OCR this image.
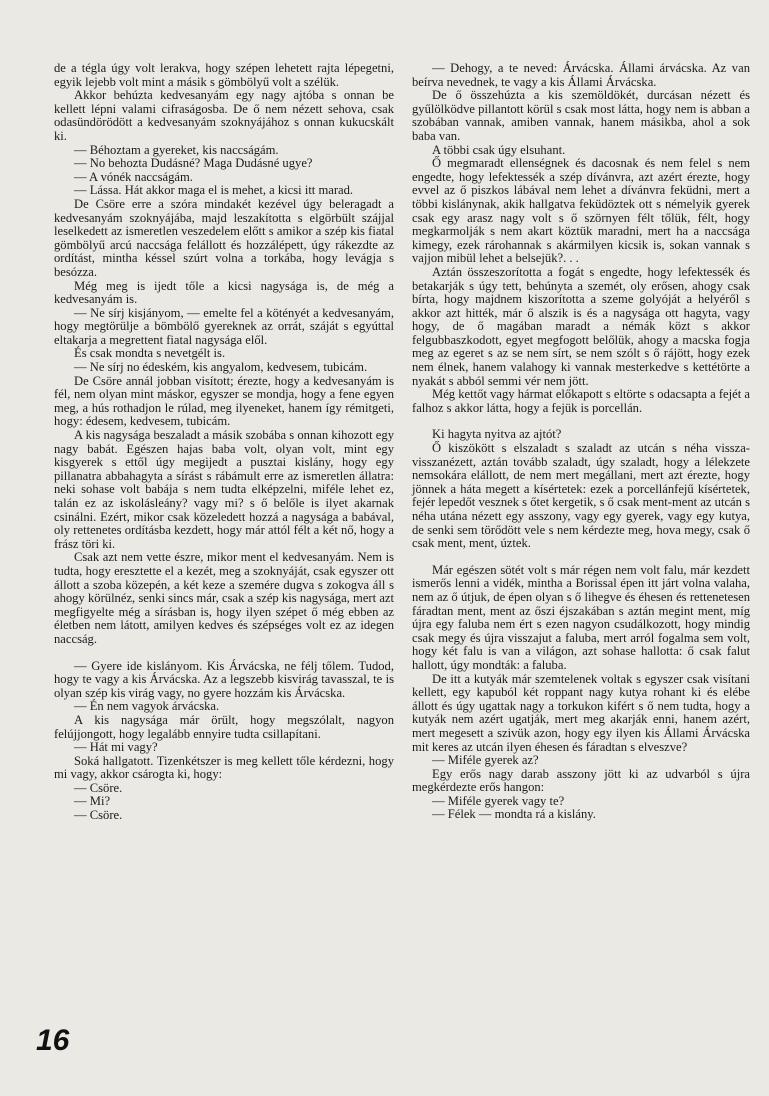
de a tégla úgy volt lerakva, hogy szépen lehetett rajta lépegetni, egyik lejebb volt mint a másik s gömbölyű volt a szélük.

Akkor behúzta kedvesanyám egy nagy ajtóba s onnan be kellett lépni valami cifraságosba. De ő nem nézett sehova, csak odasündörödött a kedvesanyám szoknyájához s onnan kukucskált ki.

— Béhoztam a gyereket, kis naccságám.

— No behozta Dudásné? Maga Dudásné ugye?

— A vónék naccságám.

— Lássa. Hát akkor maga el is mehet, a kicsi itt marad.

De Csöre erre a szóra mindakét kezével úgy beleragadt a kedvesanyám szoknyájába, majd leszakította s elgörbült szájjal leselkedett az ismeretlen veszedelem előtt s amikor a szép kis fiatal gömbölyű arcú naccsága felállott és hozzálépett, úgy rákezdte az ordítást, mintha késsel szúrt volna a torkába, hogy levágja s besózza.

Még meg is ijedt tőle a kicsi nagysága is, de még a kedvesanyám is.

— Ne sírj kisjányom, — emelte fel a kötényét a kedvesanyám, hogy megtörülje a bömbölő gyereknek az orrát, száját s egyúttal eltakarja a megrettent fiatal nagysága elől.

És csak mondta s nevetgélt is.

— Ne sírj no édeském, kis angyalom, kedvesem, tubicám.

De Csöre annál jobban visított; érezte, hogy a kedvesanyám is fél, nem olyan mint máskor, egyszer se mondja, hogy a fene egyen meg, a hús rothadjon le rúlad, meg ilyeneket, hanem így rémitgeti, hogy: édesem, kedvesem, tubicám.

A kis nagysága beszaladt a másik szobába s onnan kihozott egy nagy babát. Egészen hajas baba volt, olyan volt, mint egy kisgyerek s ettől úgy megijedt a pusztai kislány, hogy egy pillanatra abbahagyta a sírást s rábámult erre az ismeretlen állatra: neki sohase volt babája s nem tudta elképzelni, miféle lehet ez, talán ez az iskolásleány? vagy mi? s ő belőle is ilyet akarnak csinálni. Ezért, mikor csak közeledett hozzá a nagysága a babával, oly rettenetes ordításba kezdett, hogy már attól félt a két nő, hogy a frász töri ki.

Csak azt nem vette észre, mikor ment el kedvesanyám. Nem is tudta, hogy eresztette el a kezét, meg a szoknyáját, csak egyszer ott állott a szoba közepén, a két keze a szemére dugva s zokogva áll s ahogy körülnéz, senki sincs már, csak a szép kis nagysága, mert azt megfigyelte még a sírásban is, hogy ilyen szépet ő még ebben az életben nem látott, amilyen kedves és szépséges volt ez az idegen naccság.

— Gyere ide kislányom. Kis Árvácska, ne félj tőlem. Tudod, hogy te vagy a kis Árvácska. Az a legszebb kisvirág tavasszal, te is olyan szép kis virág vagy, no gyere hozzám kis Árvácska.

— Én nem vagyok árvácska.

A kis nagysága már örült, hogy megszólalt, nagyon felújjongott, hogy legalább ennyire tudta csillapítani.

— Hát mi vagy?

Soká hallgatott. Tizenkétszer is meg kellett tőle kérdezni, hogy mi vagy, akkor csárogta ki, hogy:

— Csöre.

— Mi?

— Csöre.

— Dehogy, a te neved: Árvácska. Állami árvácska. Az van beírva nevednek, te vagy a kis Állami Árvácska.

De ő összehúzta a kis szemöldökét, durcásan nézett és gyűlölködve pillantott körül s csak most látta, hogy nem is abban a szobában vannak, amiben vannak, hanem másikba, ahol a sok baba van.

A többi csak úgy elsuhant.

Ő megmaradt ellenségnek és dacosnak és nem felel s nem engedte, hogy lefektessék a szép dívánvra, azt azért érezte, hogy evvel az ő piszkos lábával nem lehet a dívánvra feküdni, mert a többi kislánynak, akik hallgatva feküdöztek ott s némelyik gyerek csak egy arasz nagy volt s ő szörnyen félt tőlük, félt, hogy megkarmolják s nem akart köztük maradni, mert ha a naccsága kimegy, ezek rárohannak s akármilyen kicsik is, sokan vannak s vajjon mibül lehet a belsejük?. . .

Aztán összeszorította a fogát s engedte, hogy lefektessék és betakarják s úgy tett, behúnyta a szemét, oly erősen, ahogy csak bírta, hogy majdnem kiszorította a szeme golyóját a helyéről s akkor azt hitték, már ő alszik is és a nagysága ott hagyta, vagy hogy, de ő magában maradt a némák közt s akkor felgubbaszkodott, egyet megfogott belőlük, ahogy a macska fogja meg az egeret s az se nem sírt, se nem szólt s ő rájött, hogy ezek nem élnek, hanem valahogy ki vannak mesterkedve s kettétörte a nyakát s abból semmi vér nem jött.

Még kettőt vagy hármat előkapott s eltörte s odacsapta a fejét a falhoz s akkor látta, hogy a fejük is porcellán.

Ki hagyta nyitva az ajtót?

Ő kiszökött s elszaladt s szaladt az utcán s néha vissza-visszanézett, aztán tovább szaladt, úgy szaladt, hogy a lélekzete nemsokára elállott, de nem mert megállani, mert azt érezte, hogy jönnek a háta megett a kísértetek: ezek a porcellánfejű kísértetek, fejér lepedőt vesznek s őtet kergetik, s ő csak ment-ment az utcán s néha utána nézett egy asszony, vagy egy gyerek, vagy egy kutya, de senki sem törődött vele s nem kérdezte meg, hova megy, csak ő csak ment, ment, úztek.

Már egészen sötét volt s már régen nem volt falu, már kezdett ismerős lenni a vidék, mintha a Borissal épen itt járt volna valaha, nem az ő útjuk, de épen olyan s ő lihegve és éhesen és rettenetesen fáradtan ment, ment az őszi éjszakában s aztán megint ment, míg újra egy faluba nem ért s ezen nagyon csudálkozott, hogy mindig csak megy és újra visszajut a faluba, mert arról fogalma sem volt, hogy két falu is van a világon, azt sohase hallotta: ő csak falut hallott, úgy mondták: a faluba.

De itt a kutyák már szemtelenek voltak s egyszer csak visítani kellett, egy kapuból két roppant nagy kutya rohant ki és elébe állott és úgy ugattak nagy a torkukon kifért s ő nem tudta, hogy a kutyák nem azért ugatják, mert meg akarják enni, hanem azért, mert megesett a szivük azon, hogy egy ilyen kis Állami Árvácska mit keres az utcán ilyen éhesen és fáradtan s elveszve?

— Miféle gyerek az?

Egy erős nagy darab asszony jött ki az udvarból s újra megkérdezte erős hangon:

— Miféle gyerek vagy te?

— Félek — mondta rá a kislány.

16
